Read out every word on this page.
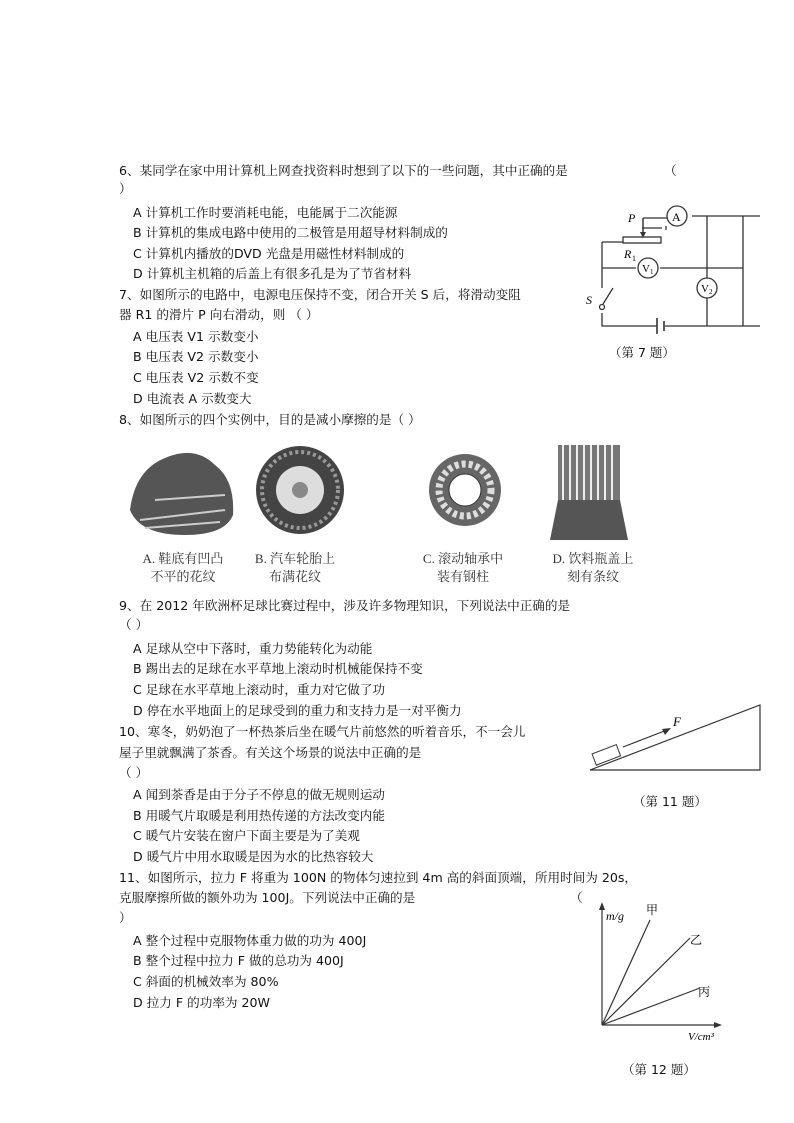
6、某同学在家中用计算机上网查找资料时想到了以下的一些问题，其中正确的是	（
）
A 计算机工作时要消耗电能，电能属于二次能源
B 计算机的集成电路中使用的二极管是用超导材料制成的
C 计算机内播放的DVD 光盘是用磁性材料制成的
D 计算机主机箱的后盖上有很多孔是为了节省材料
7、如图所示的电路中，电源电压保持不变，闭合开关 S 后，将滑动变阻
器 R1 的滑片 P 向右滑动，则 （ ）
A 电压表 V1 示数变小
B 电压表 V2 示数变小
C 电压表 V2 示数不变
D 电流表 A 示数变大
A
P
R 1
V 1
V 2
S
（第 7 题）
8、如图所示的四个实例中，目的是减小摩擦的是（ ）
A. 鞋底有凹凸
不平的花纹
B. 汽车轮胎上
布满花纹
C. 滚动轴承中
装有钢柱
D. 饮料瓶盖上
刻有条纹
9、在 2012 年欧洲杯足球比赛过程中，涉及许多物理知识，下列说法中正确的是
（ ）
A 足球从空中下落时，重力势能转化为动能
B 踢出去的足球在水平草地上滚动时机械能保持不变
C 足球在水平草地上滚动时，重力对它做了功
D 停在水平地面上的足球受到的重力和支持力是一对平衡力
10、寒冬，奶奶泡了一杯热茶后坐在暖气片前悠然的听着音乐，不一会儿
屋子里就飘满了茶香。有关这个场景的说法中正确的是
（ ）
A 闻到茶香是由于分子不停息的做无规则运动
B 用暖气片取暖是利用热传递的方法改变内能
C 暖气片安装在窗户下面主要是为了美观
D 暖气片中用水取暖是因为水的比热容较大
F
（第 11 题）
11、如图所示，拉力 F 将重为 100N 的物体匀速拉到 4m 高的斜面顶端，所用时间为 20s，
克服摩擦所做的额外功为 100J。下列说法中正确的是	（
）
A 整个过程中克服物体重力做的功为 400J
B 整个过程中拉力 F 做的总功为 400J
C 斜面的机械效率为 80%
D 拉力 F 的功率为 20W
m/g 甲
乙
丙
V/cm³
（第 12 题）
